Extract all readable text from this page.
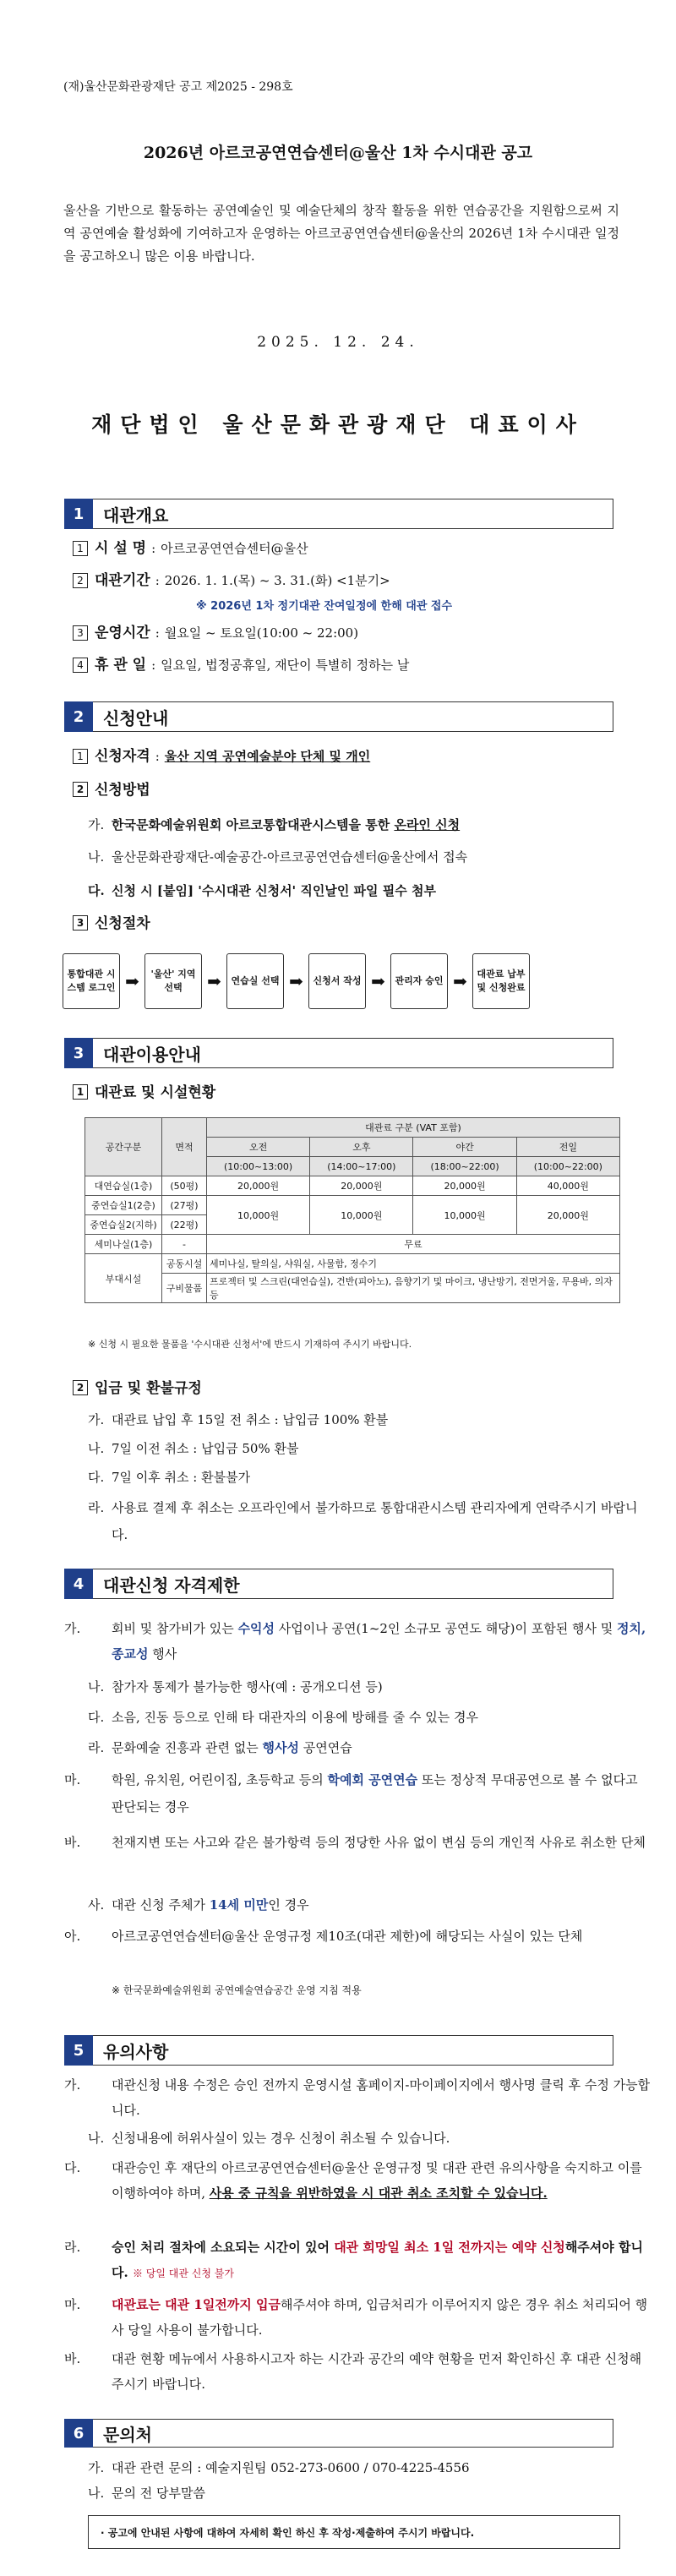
(재)울산문화관광재단 공고 제2025 - 298호
2026년 아르코공연연습센터@울산 1차 수시대관 공고
울산을 기반으로 활동하는 공연예술인 및 예술단체의 창작 활동을 위한 연습공간을 지원함으로써 지역 공연예술 활성화에 기여하고자 운영하는 아르코공연연습센터@울산의 2026년 1차 수시대관 일정을 공고하오니 많은 이용 바랍니다.
2025. 12. 24.
재단법인 울산문화관광재단 대표이사
1	대관개요
1 시 설 명 : 아르코공연연습센터@울산
2 대관기간 : 2026. 1. 1.(목) ~ 3. 31.(화) <1분기>
※ 2026년 1차 정기대관 잔여일정에 한해 대관 접수
3 운영시간 : 월요일 ~ 토요일(10:00 ~ 22:00)
4 휴 관 일 : 일요일, 법정공휴일, 재단이 특별히 정하는 날
2	신청안내
1 신청자격 : 울산 지역 공연예술분야 단체 및 개인
2 신청방법
가. 한국문화예술위원회 아르코통합대관시스템을 통한 온라인 신청
나. 울산문화관광재단-예술공간-아르코공연연습센터@울산에서 접속
다. 신청 시 [붙임] '수시대관 신청서' 직인날인 파일 필수 첨부
3 신청절차
통합대관 시스템 로그인 ➡	'울산' 지역선택	➡	연습실 선택 ➡	신청서 작성 ➡	관리자 승인 ➡	대관료 납부 및 신청완료
3	대관이용안내
1 대관료 및 시설현황
공간구분	면적	대관료 구분 (VAT 포함)			
		오전	오후	야간	전일
		(10:00~13:00)	(14:00~17:00)	(18:00~22:00)	(10:00~22:00)
대연습실(1층)	(50평)	20,000원	20,000원	20,000원	40,000원
중연습실1(2층)	(27평)	10,000원	10,000원	10,000원	20,000원
중연습실2(지하)	(22평)				
세미나실(1층)	-	무료			
부대시설	공동시설	세미나실, 탈의실, 샤워실, 사물함, 정수기			
	구비물품	프로젝터 및 스크린(대연습실), 건반(피아노), 음향기기 및 마이크, 냉난방기, 전면거울, 무용바, 의자 등			
※ 신청 시 필요한 물품을 '수시대관 신청서'에 반드시 기재하여 주시기 바랍니다.
2 입금 및 환불규정
가. 대관료 납입 후 15일 전 취소 : 납입금 100% 환불
나. 7일 이전 취소 : 납입금 50% 환불
다. 7일 이후 취소 : 환불불가
라. 사용료 결제 후 취소는 오프라인에서 불가하므로 통합대관시스템 관리자에게 연락주시기 바랍니다.
4	대관신청 자격제한
가. 회비 및 참가비가 있는 수익성 사업이나 공연(1~2인 소규모 공연도 해당)이 포함된 행사 및 정치, 종교성 행사
나. 참가자 통제가 불가능한 행사(예 : 공개오디션 등)
다. 소음, 진동 등으로 인해 타 대관자의 이용에 방해를 줄 수 있는 경우
라. 문화예술 진흥과 관련 없는 행사성 공연연습
마. 학원, 유치원, 어린이집, 초등학교 등의 학예회 공연연습 또는 정상적 무대공연으로 볼 수 없다고 판단되는 경우
바. 천재지변 또는 사고와 같은 불가항력 등의 정당한 사유 없이 변심 등의 개인적 사유로 취소한 단체
사. 대관 신청 주체가 14세 미만인 경우
아. 아르코공연연습센터@울산 운영규정 제10조(대관 제한)에 해당되는 사실이 있는 단체
※ 한국문화예술위원회 공연예술연습공간 운영 지침 적용
5	유의사항
가. 대관신청 내용 수정은 승인 전까지 운영시설 홈페이지-마이페이지에서 행사명 클릭 후 수정 가능합니다.
나. 신청내용에 허위사실이 있는 경우 신청이 취소될 수 있습니다.
다. 대관승인 후 재단의 아르코공연연습센터@울산 운영규정 및 대관 관련 유의사항을 숙지하고 이를 이행하여야 하며, 사용 중 규칙을 위반하였을 시 대관 취소 조치할 수 있습니다.
라. 승인 처리 절차에 소요되는 시간이 있어 대관 희망일 최소 1일 전까지는 예약 신청해주셔야 합니다. ※ 당일 대관 신청 불가
마. 대관료는 대관 1일전까지 입금해주셔야 하며, 입금처리가 이루어지지 않은 경우 취소 처리되어 행사 당일 사용이 불가합니다.
바. 대관 현황 메뉴에서 사용하시고자 하는 시간과 공간의 예약 현황을 먼저 확인하신 후 대관 신청해주시기 바랍니다.
6	문의처
가. 대관 관련 문의 : 예술지원팀 052-273-0600 / 070-4225-4556
나. 문의 전 당부말씀
· 공고에 안내된 사항에 대하여 자세히 확인 하신 후 작성·제출하여 주시기 바랍니다.
